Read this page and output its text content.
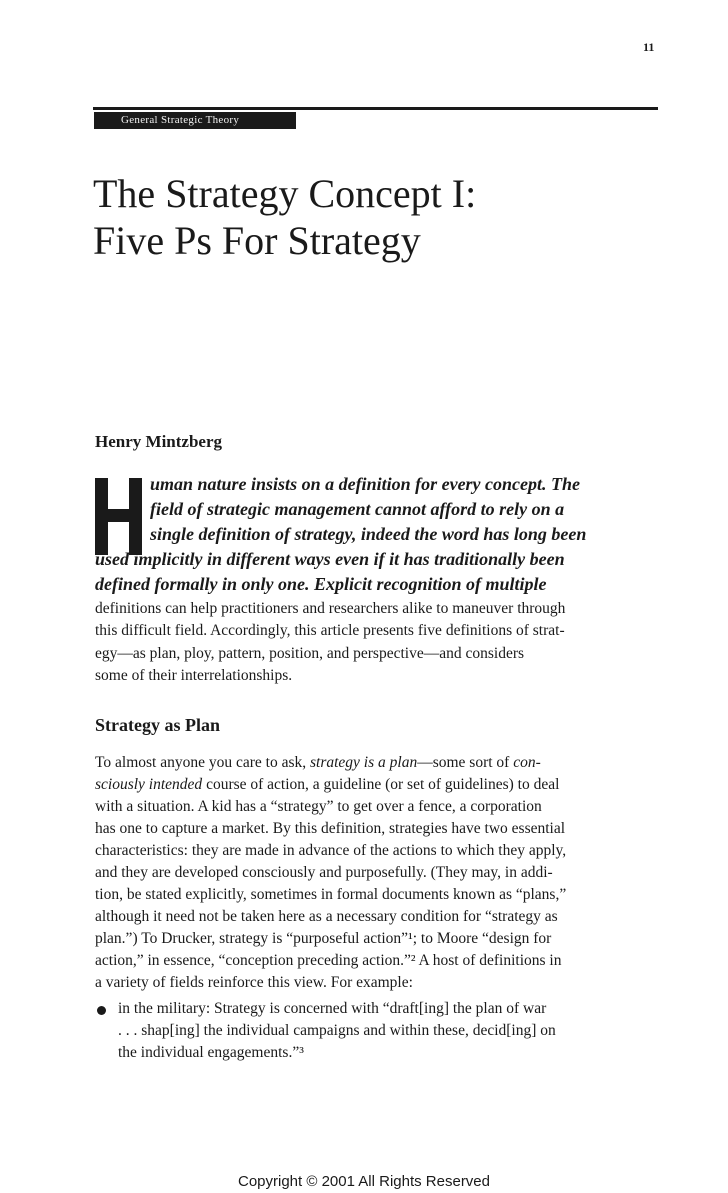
11
General Strategic Theory
The Strategy Concept I:
Five Ps For Strategy
Henry Mintzberg
uman nature insists on a definition for every concept. The
field of strategic management cannot afford to rely on a
single definition of strategy, indeed the word has long been
used implicitly in different ways even if it has traditionally been
defined formally in only one. Explicit recognition of multiple
definitions can help practitioners and researchers alike to maneuver through
this difficult field. Accordingly, this article presents five definitions of strat-
egy—as plan, ploy, pattern, position, and perspective—and considers
some of their interrelationships.
Strategy as Plan
To almost anyone you care to ask, strategy is a plan—some sort of con-
sciously intended course of action, a guideline (or set of guidelines) to deal
with a situation. A kid has a “strategy” to get over a fence, a corporation
has one to capture a market. By this definition, strategies have two essential
characteristics: they are made in advance of the actions to which they apply,
and they are developed consciously and purposefully. (They may, in addi-
tion, be stated explicitly, sometimes in formal documents known as “plans,”
although it need not be taken here as a necessary condition for “strategy as
plan.”) To Drucker, strategy is “purposeful action”¹; to Moore “design for
action,” in essence, “conception preceding action.”² A host of definitions in
a variety of fields reinforce this view. For example:
in the military: Strategy is concerned with “draft[ing] the plan of war
. . . shap[ing] the individual campaigns and within these, decid[ing] on
the individual engagements.”³
Copyright © 2001 All Rights Reserved
